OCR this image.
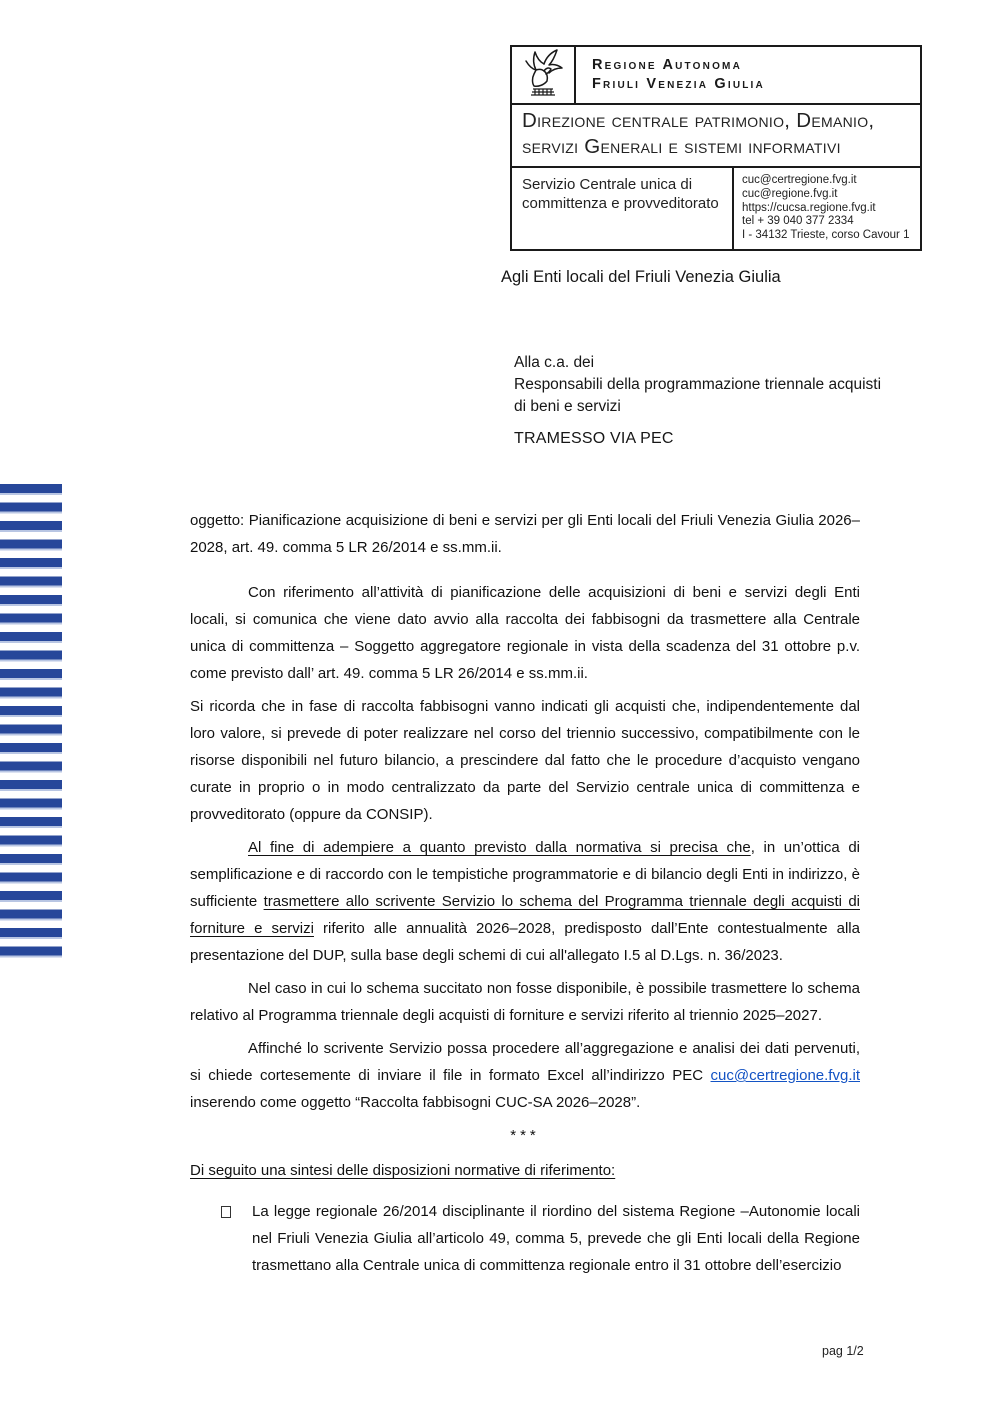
Regione Autonoma
Friuli Venezia Giulia
Direzione centrale patrimonio, Demanio, servizi Generali e sistemi informativi
Servizio Centrale unica di committenza e provveditorato
cuc@certregione.fvg.it
cuc@regione.fvg.it
https://cucsa.regione.fvg.it
tel + 39 040 377 2334
I - 34132 Trieste, corso Cavour 1
Agli Enti locali del Friuli Venezia Giulia
Alla c.a. dei
Responsabili della programmazione triennale acquisti di beni e servizi
TRAMESSO VIA PEC

oggetto: Pianificazione acquisizione di beni e servizi per gli Enti locali del Friuli Venezia Giulia 2026–2028, art. 49. comma 5 LR 26/2014 e ss.mm.ii.

Con riferimento all’attività di pianificazione delle acquisizioni di beni e servizi degli Enti locali, si comunica che viene dato avvio alla raccolta dei fabbisogni da trasmettere alla Centrale unica di committenza – Soggetto aggregatore regionale in vista della scadenza del 31 ottobre p.v. come previsto dall’ art. 49. comma 5 LR 26/2014 e ss.mm.ii.

Si ricorda che in fase di raccolta fabbisogni vanno indicati gli acquisti che, indipendentemente dal loro valore, si prevede di poter realizzare nel corso del triennio successivo, compatibilmente con le risorse disponibili nel futuro bilancio, a prescindere dal fatto che le procedure d’acquisto vengano curate in proprio o in modo centralizzato da parte del Servizio centrale unica di committenza e provveditorato (oppure da CONSIP).

Al fine di adempiere a quanto previsto dalla normativa si precisa che, in un’ottica di semplificazione e di raccordo con le tempistiche programmatorie e di bilancio degli Enti in indirizzo, è sufficiente trasmettere allo scrivente Servizio lo schema del Programma triennale degli acquisti di forniture e servizi riferito alle annualità 2026–2028, predisposto dall’Ente contestualmente alla presentazione del DUP, sulla base degli schemi di cui all'allegato I.5 al D.Lgs. n. 36/2023.

Nel caso in cui lo schema succitato non fosse disponibile, è possibile trasmettere lo schema relativo al Programma triennale degli acquisti di forniture e servizi riferito al triennio 2025–2027.

Affinché lo scrivente Servizio possa procedere all’aggregazione e analisi dei dati pervenuti, si chiede cortesemente di inviare il file in formato Excel all’indirizzo PEC cuc@certregione.fvg.it inserendo come oggetto “Raccolta fabbisogni CUC-SA 2026–2028”.

***

Di seguito una sintesi delle disposizioni normative di riferimento:

La legge regionale 26/2014 disciplinante il riordino del sistema Regione –Autonomie locali nel Friuli Venezia Giulia all’articolo 49, comma 5, prevede che gli Enti locali della Regione trasmettano alla Centrale unica di committenza regionale entro il 31 ottobre dell’esercizio

pag 1/2
